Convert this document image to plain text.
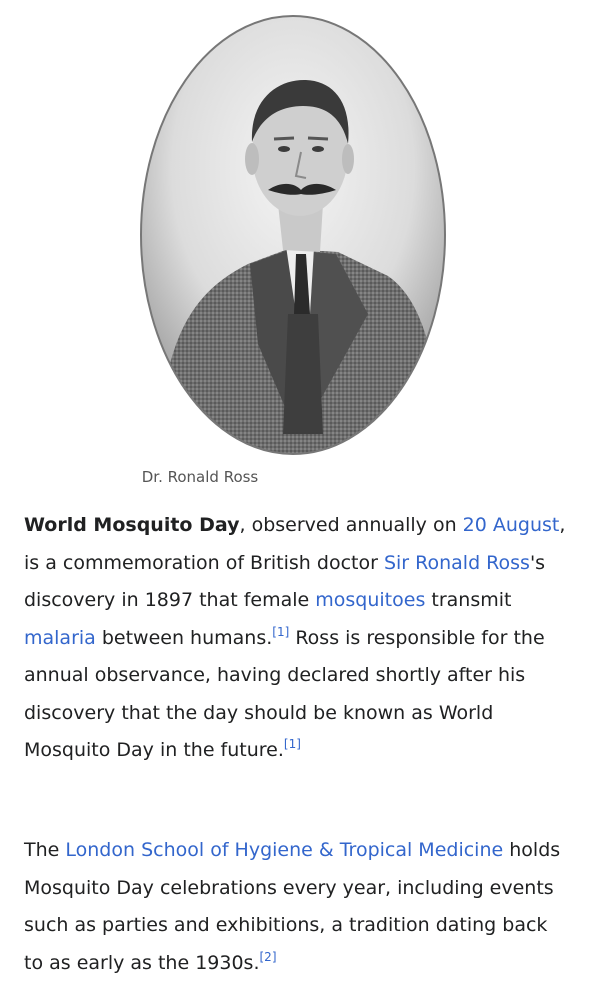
Dr. Ronald Ross

World Mosquito Day, observed annually on 20 August, is a commemoration of British doctor Sir Ronald Ross's discovery in 1897 that female mosquitoes transmit malaria between humans.[1] Ross is responsible for the annual observance, having declared shortly after his discovery that the day should be known as World Mosquito Day in the future.[1]

The London School of Hygiene & Tropical Medicine holds Mosquito Day celebrations every year, including events such as parties and exhibitions, a tradition dating back to as early as the 1930s.[2]
